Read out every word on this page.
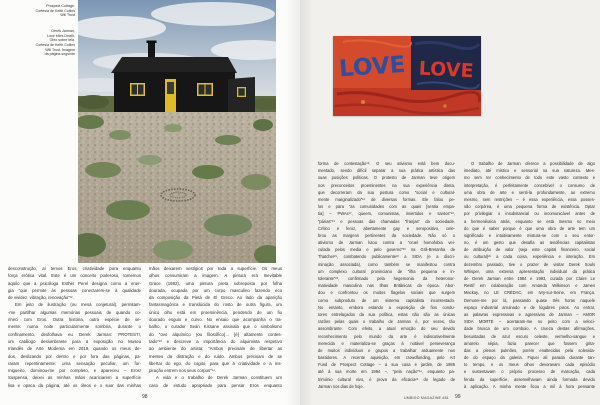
Prospect Cottage.
Cortesia de Keith Collins
Will Trust
Derek Jarman,
Love bites Death,
Óleo sobre tela.
Cortesia de Keith Collins
Will Trust. Imagem
da página seguinte
desconstrução, aí temos Eros, criatividade pura enquanto
força erótica vital. Este é um conceito poderoso, tomemos
aquilo que a psicóloga Esther Perel designa como a ener-
gia “que permite às pessoas conectarem-se à qualidade
de vividez, vibração, renovação”¹².
Em jeito de ilustração (ou mesa conjetural), permitam-
-me partilhar algumas memórias pessoais de quando co-
nheci com Eros. Outra história, outra espécie de se-
mente: numa noite particularmente sombria, durante o
confinamento, desfolhava eu Derek Jarman: PROTEST!,
um catálogo deslumbrante para a exposição no Museu
Irlandês de Arte Moderna em 2019, quando os meus de-
dos, deslizando por dentro e por fora das páginas, pa-
raram repentinamente: uma sensação peculiar, um for-
migueiro, dominou-me por completo, e apareceu – Eros!
Suspensa, deixei as minhas mãos acariciarem a superfície
lisa e opaca da página, até os óleos e o suor das minhas
mãos deixarem vestígios por toda a superfície. Os meus
olhos consumiram a imagem. A pintura era Inevitable
Grace (1982), uma pintura preta sobreposta por folha
dourada, ocupada por um corpo masculino fazendo eco
da composição da Pietà de El Greco. Ao lado da aparição
fantasmagórica e translúcida do rosto de outra figura, um
único olho está em proeminência, pendendo de um fio
dourado esguio e curvo. No ensaio que acompanha o tra-
balho, o curador Seán Kissane assinala que o simbolismo
do “ovo alquímico (ou filosófico)... [é] altamente contes-
tado”¹³ e descreve a importância do alquimista respetivo
ao ambiente do artista: “Ambos precisam de libertar as
mentes da distração e do ruído. Ambos precisam de se
libertar do ego, do cogito, para que a criatividade e a ins-
piração entrem nos seus corpos”¹⁴.
A vida e o trabalho de Derek Jarman constituem um
caso de estudo apropriado para pensar Eros enquanto
98
LOVE LOVE
forma de contestação¹⁵. O seu ativismo está bem docu-
mentado, sendo difícil separar a sua prática artística das
suas posições políticas. O protesto de Jarman teve origem
nos preconceitos proeminentes na sua experiência direta,
que decorreram da sua postura como “social e cultural-
mente marginalizado”¹⁶ de diversas formas. Ele falou pe-
los e para “as comunidades com as quais [sentia empa-
tia] – PWAs¹⁷, queers, comunistas, invertidos e santos”¹⁸,
“párias”¹⁹ e pessoas das chamadas “franjas” da sociedade.
Crítico e feroz, abertamente gay e seropositivo, cele-
brou as margens pertinentes da sociedade. Não só o
ativismo de Jarman lutou contra a “cruel homofobia vei-
culada pelos media e pelo governo”²⁰ na Grã-Bretanha de
Thatcher²¹, combatendo publicamente²² a SIDA (e a discri-
minação associada), como também se manifestou contra
um complexo cultural provinciano de “ilha pequena e in-
tolerante”²³, confirmado pela hegemonia da heteronor-
matividade masculina nas Ilhas Britânicas da época. Abor-
dou e confrontou os muitos flagelos sociais que surgem
como subproduto de um sistema capitalista incontestado.
No entanto, embora estando a exposição de fios condu-
tores entrelaçados da sua política, estas não são as únicas
razões pelas quais o trabalho de Jarman é, por vezes, tão
assombrante. Com efeito, a atual emoção do seu devido
reconhecimento pelo mundo da arte é indiscutivelmente
merecida e materializa-se graças à notável perseverança
de muitos indivíduos e grupos a trabalhar arduamente nos
bastidores. A recente aquisição, em crowdfunding, pelo Art
Fund de Prospect Cottage – a sua casa e jardim, de 1986
até à sua morte em 1994 –, “pela nação”²⁴, enquanto pa-
trimónio cultural vivo, é prova da eficácia²⁵ do legado de
Jarman nos dias de hoje.
O trabalho de Jarman oferece a possibilidade de algo
imediato, até místico e sensorial na sua natureza. Mes-
mo sem ter conhecimento de todo este vasto contexto e
interpretação, é perfeitamente concebível o consumo de
uma obra de arte e senti-la profundamente, ao extremo
mesmo, sem restrições – é essa experiência, essa posses-
são corpórea, é uma pequena forma de existência. Optar
por privilegiar o insubstancial ou incomunicável antes de
a hermenêutica atrás, enquanto se está mesmo no meio
do que é saber porque é que uma obra de arte tem um
significado e intuitivamente mistura-se com o seu entor-
no, é um gesto que desafia as tendências capitalistas
de atribuição de valor (seja este capital financeiro, social
ou cultural)²⁶ a cada coisa, experiência e interação. Em
dezembro passado, tive o prazer de visitar Derek Souls
Whisper, uma extensa apresentação individual da prática
de Derek Jarman entre 1984 e 1993, curada por Claire Le
Restif em colaboração com Amanda Wilkinson e James
Mackay, no LE CRÉDAC, em Ivry-sur-Seine, em França.
Demorei-me por lá, passando quase três horas naquele
espaço industrial arruinado e de lúgubres pisos. Ao entrar,
as palavras expressivas e agressivas de Jarman – AMOR
SIDA MORTE – acertaram-me no peito com a veloci-
dade brusca de um comboio. A crueza destas afirmações,
besuntadas de azul escuro celeste, vermelho-sangue e
amarelo sépia, fazia parecer que fossem grita-
das a plenos pulmões, porém enaltecidas pela solenida-
de do espaço da galeria. Fiquei ali parada durante tan-
to tempo, e os meus olhos devoravam cada episódio
e sustentavam o próprio processo de marcação, cada
fenda da superfície, assemelhavam ainda formada devido
à aplicação. A minha mente ficou a mil à hora pensante
UMBIGO MAGAZINE #81 99
